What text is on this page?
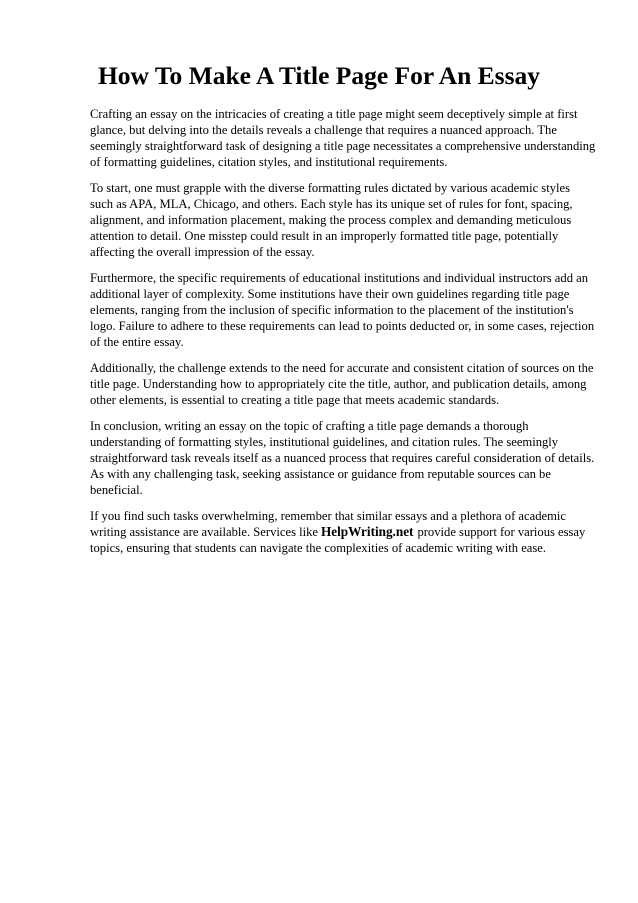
How To Make A Title Page For An Essay

Crafting an essay on the intricacies of creating a title page might seem deceptively simple at first glance, but delving into the details reveals a challenge that requires a nuanced approach. The seemingly straightforward task of designing a title page necessitates a comprehensive understanding of formatting guidelines, citation styles, and institutional requirements.

To start, one must grapple with the diverse formatting rules dictated by various academic styles such as APA, MLA, Chicago, and others. Each style has its unique set of rules for font, spacing, alignment, and information placement, making the process complex and demanding meticulous attention to detail. One misstep could result in an improperly formatted title page, potentially affecting the overall impression of the essay.

Furthermore, the specific requirements of educational institutions and individual instructors add an additional layer of complexity. Some institutions have their own guidelines regarding title page elements, ranging from the inclusion of specific information to the placement of the institution's logo. Failure to adhere to these requirements can lead to points deducted or, in some cases, rejection of the entire essay.

Additionally, the challenge extends to the need for accurate and consistent citation of sources on the title page. Understanding how to appropriately cite the title, author, and publication details, among other elements, is essential to creating a title page that meets academic standards.

In conclusion, writing an essay on the topic of crafting a title page demands a thorough understanding of formatting styles, institutional guidelines, and citation rules. The seemingly straightforward task reveals itself as a nuanced process that requires careful consideration of details. As with any challenging task, seeking assistance or guidance from reputable sources can be beneficial.

If you find such tasks overwhelming, remember that similar essays and a plethora of academic writing assistance are available. Services like HelpWriting.net provide support for various essay topics, ensuring that students can navigate the complexities of academic writing with ease.
